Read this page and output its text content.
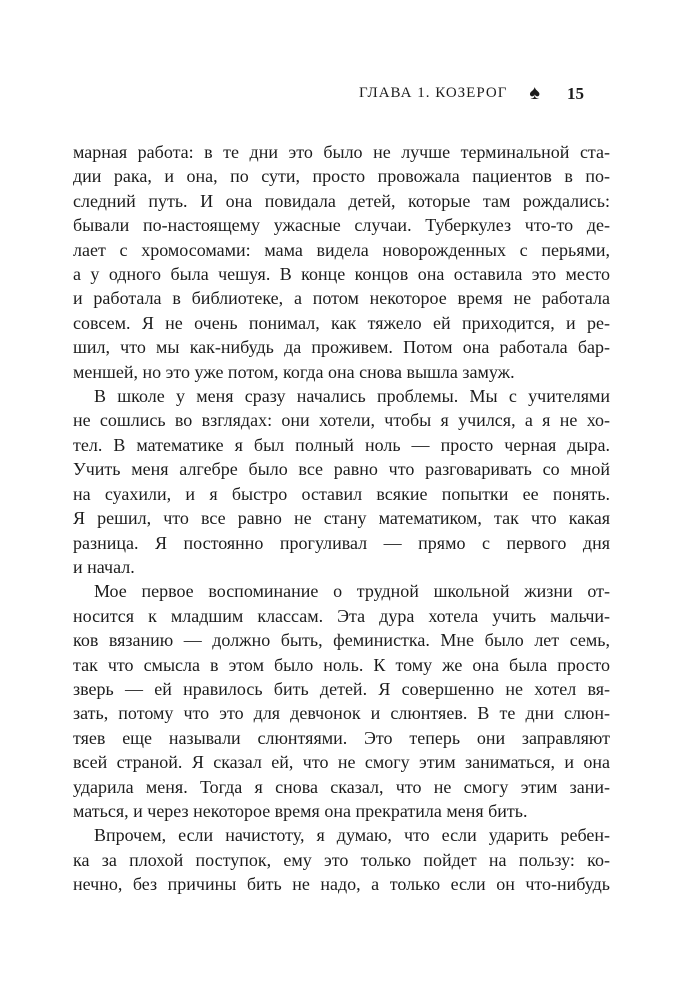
ГЛАВА 1. КОЗЕРОГ ♠ 15
марная работа: в те дни это было не лучше терминальной ста-
дии рака, и она, по сути, просто провожала пациентов в по-
следний путь. И она повидала детей, которые там рождались:
бывали по-настоящему ужасные случаи. Туберкулез что-то де-
лает с хромосомами: мама видела новорожденных с перьями,
а у одного была чешуя. В конце концов она оставила это место
и работала в библиотеке, а потом некоторое время не работала
совсем. Я не очень понимал, как тяжело ей приходится, и ре-
шил, что мы как-нибудь да проживем. Потом она работала бар-
меншей, но это уже потом, когда она снова вышла замуж.
В школе у меня сразу начались проблемы. Мы с учителями
не сошлись во взглядах: они хотели, чтобы я учился, а я не хо-
тел. В математике я был полный ноль — просто черная дыра.
Учить меня алгебре было все равно что разговаривать со мной
на суахили, и я быстро оставил всякие попытки ее понять.
Я решил, что все равно не стану математиком, так что какая
разница. Я постоянно прогуливал — прямо с первого дня
и начал.
Мое первое воспоминание о трудной школьной жизни от-
носится к младшим классам. Эта дура хотела учить мальчи-
ков вязанию — должно быть, феминистка. Мне было лет семь,
так что смысла в этом было ноль. К тому же она была просто
зверь — ей нравилось бить детей. Я совершенно не хотел вя-
зать, потому что это для девчонок и слюнтяев. В те дни слюн-
тяев еще называли слюнтяями. Это теперь они заправляют
всей страной. Я сказал ей, что не смогу этим заниматься, и она
ударила меня. Тогда я снова сказал, что не смогу этим зани-
маться, и через некоторое время она прекратила меня бить.
Впрочем, если начистоту, я думаю, что если ударить ребен-
ка за плохой поступок, ему это только пойдет на пользу: ко-
нечно, без причины бить не надо, а только если он что-нибудь
